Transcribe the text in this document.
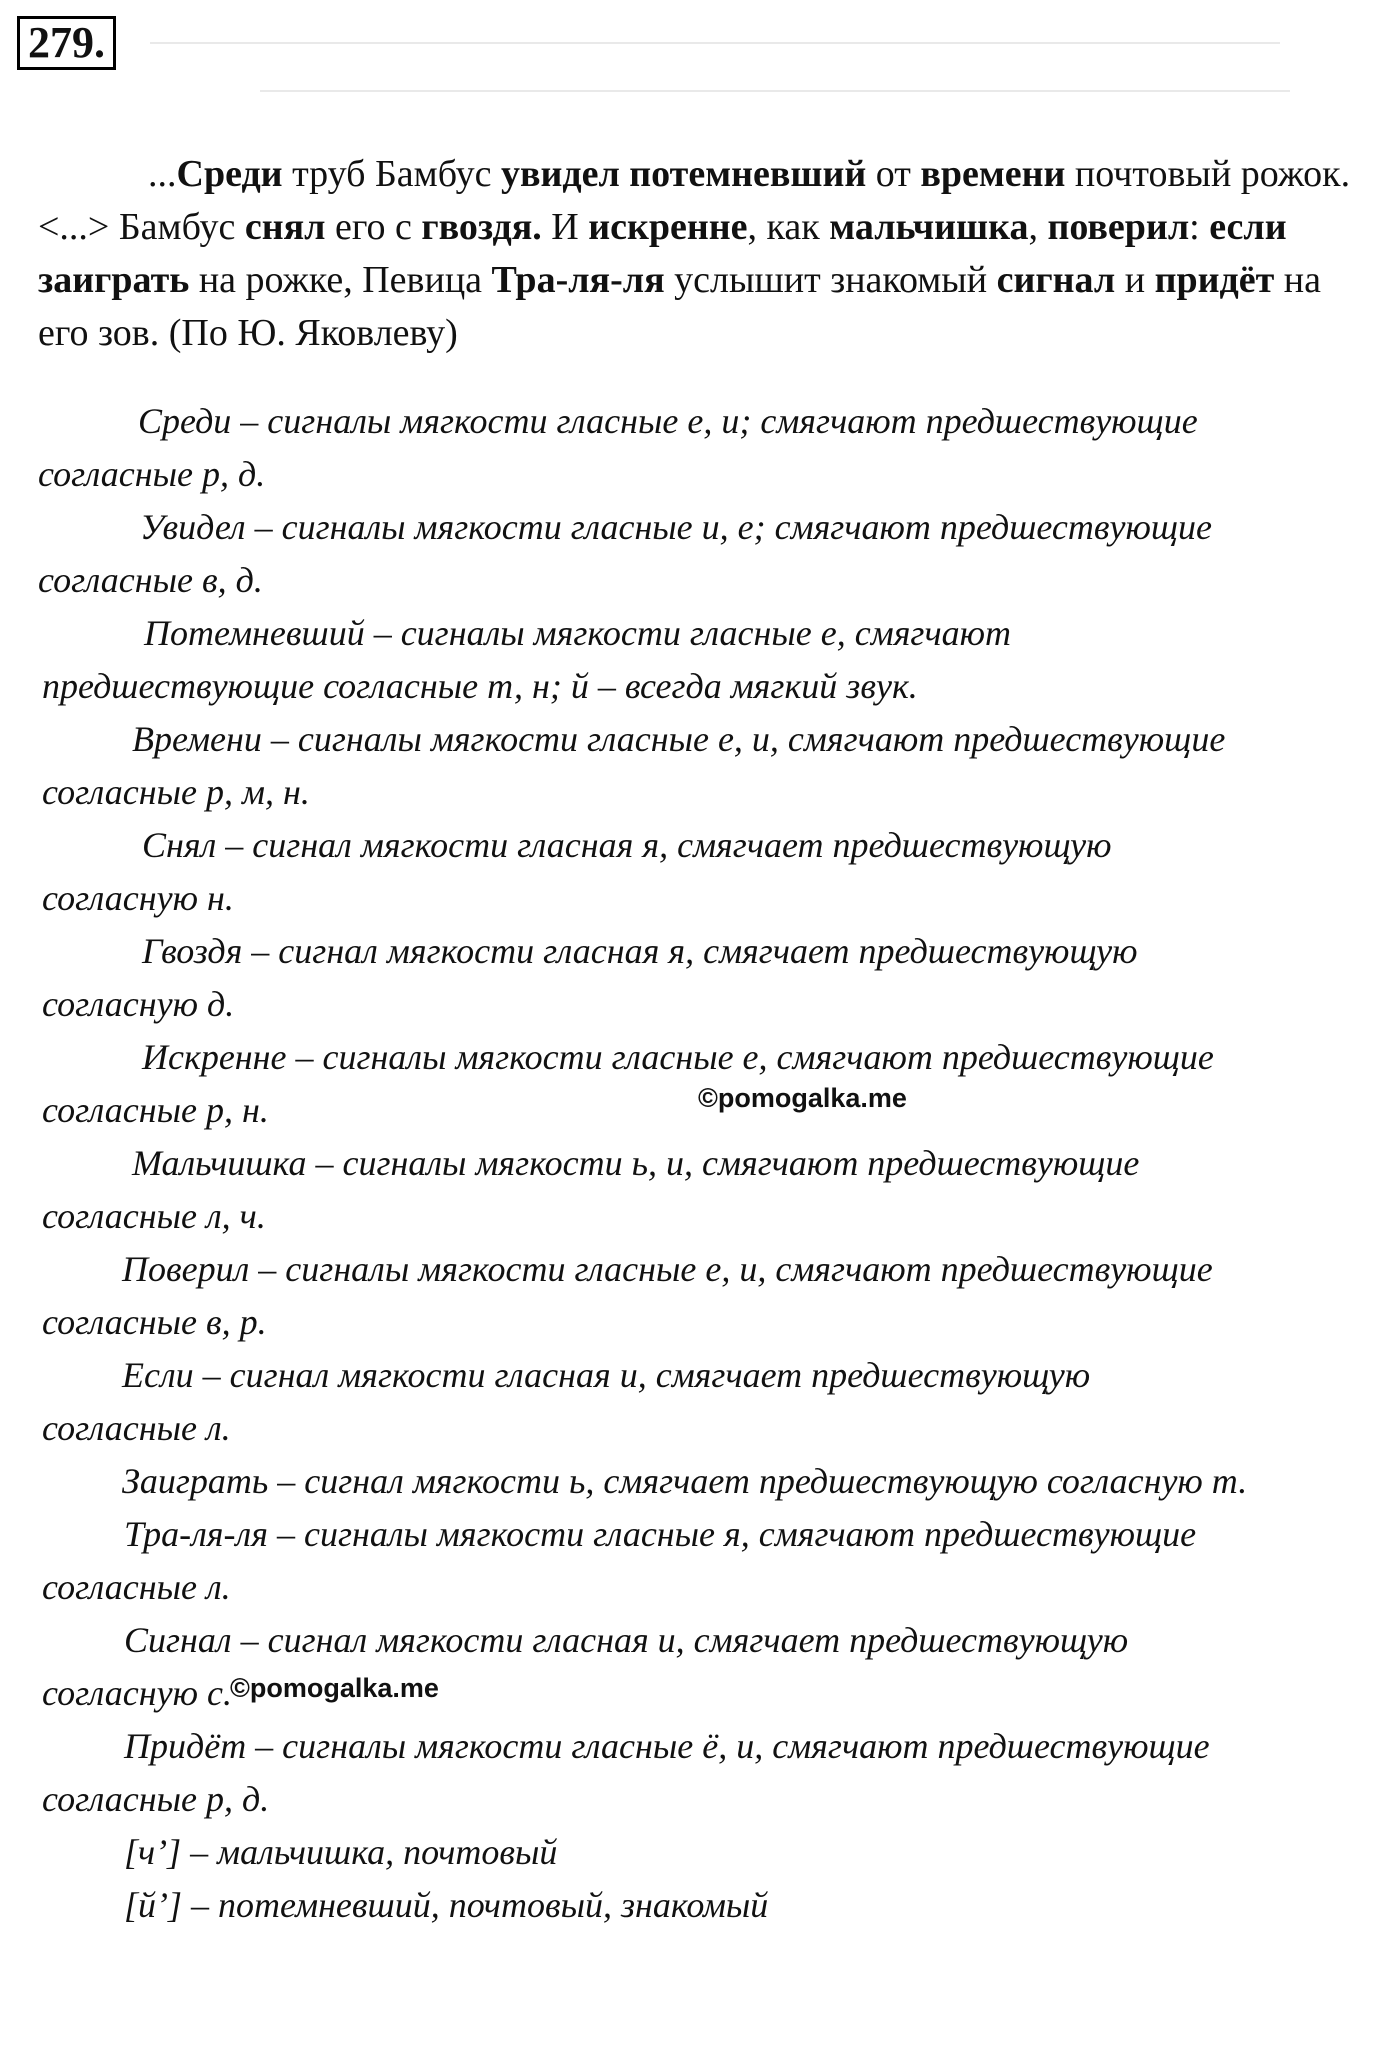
279.

...Среди труб Бамбус увидел потемневший от времени почтовый рожок. <...> Бамбус снял его с гвоздя. И искренне, как мальчишка, поверил: если заиграть на рожке, Певица Тра-ля-ля услышит знакомый сигнал и придёт на его зов. (По Ю. Яковлеву)

Среди – сигналы мягкости гласные е, и; смягчают предшествующие
согласные р, д.
Увидел – сигналы мягкости гласные и, е; смягчают предшествующие
согласные в, д.
Потемневший – сигналы мягкости гласные е, смягчают
предшествующие согласные т, н; й – всегда мягкий звук.
Времени – сигналы мягкости гласные е, и, смягчают предшествующие
согласные р, м, н.
Снял – сигнал мягкости гласная я, смягчает предшествующую
согласную н.
Гвоздя – сигнал мягкости гласная я, смягчает предшествующую
согласную д.
Искренне – сигналы мягкости гласные е, смягчают предшествующие
согласные р, н.
Мальчишка – сигналы мягкости ь, и, смягчают предшествующие
согласные л, ч.
Поверил – сигналы мягкости гласные е, и, смягчают предшествующие
согласные в, р.
Если – сигнал мягкости гласная и, смягчает предшествующую
согласные л.
Заиграть – сигнал мягкости ь, смягчает предшествующую согласную т.
Тра-ля-ля – сигналы мягкости гласные я, смягчают предшествующие
согласные л.
Сигнал – сигнал мягкости гласная и, смягчает предшествующую
согласную с.
Придёт – сигналы мягкости гласные ё, и, смягчают предшествующие
согласные р, д.
[ч’] – мальчишка, почтовый
[й’] – потемневший, почтовый, знакомый
©pomogalka.me
©pomogalka.me
